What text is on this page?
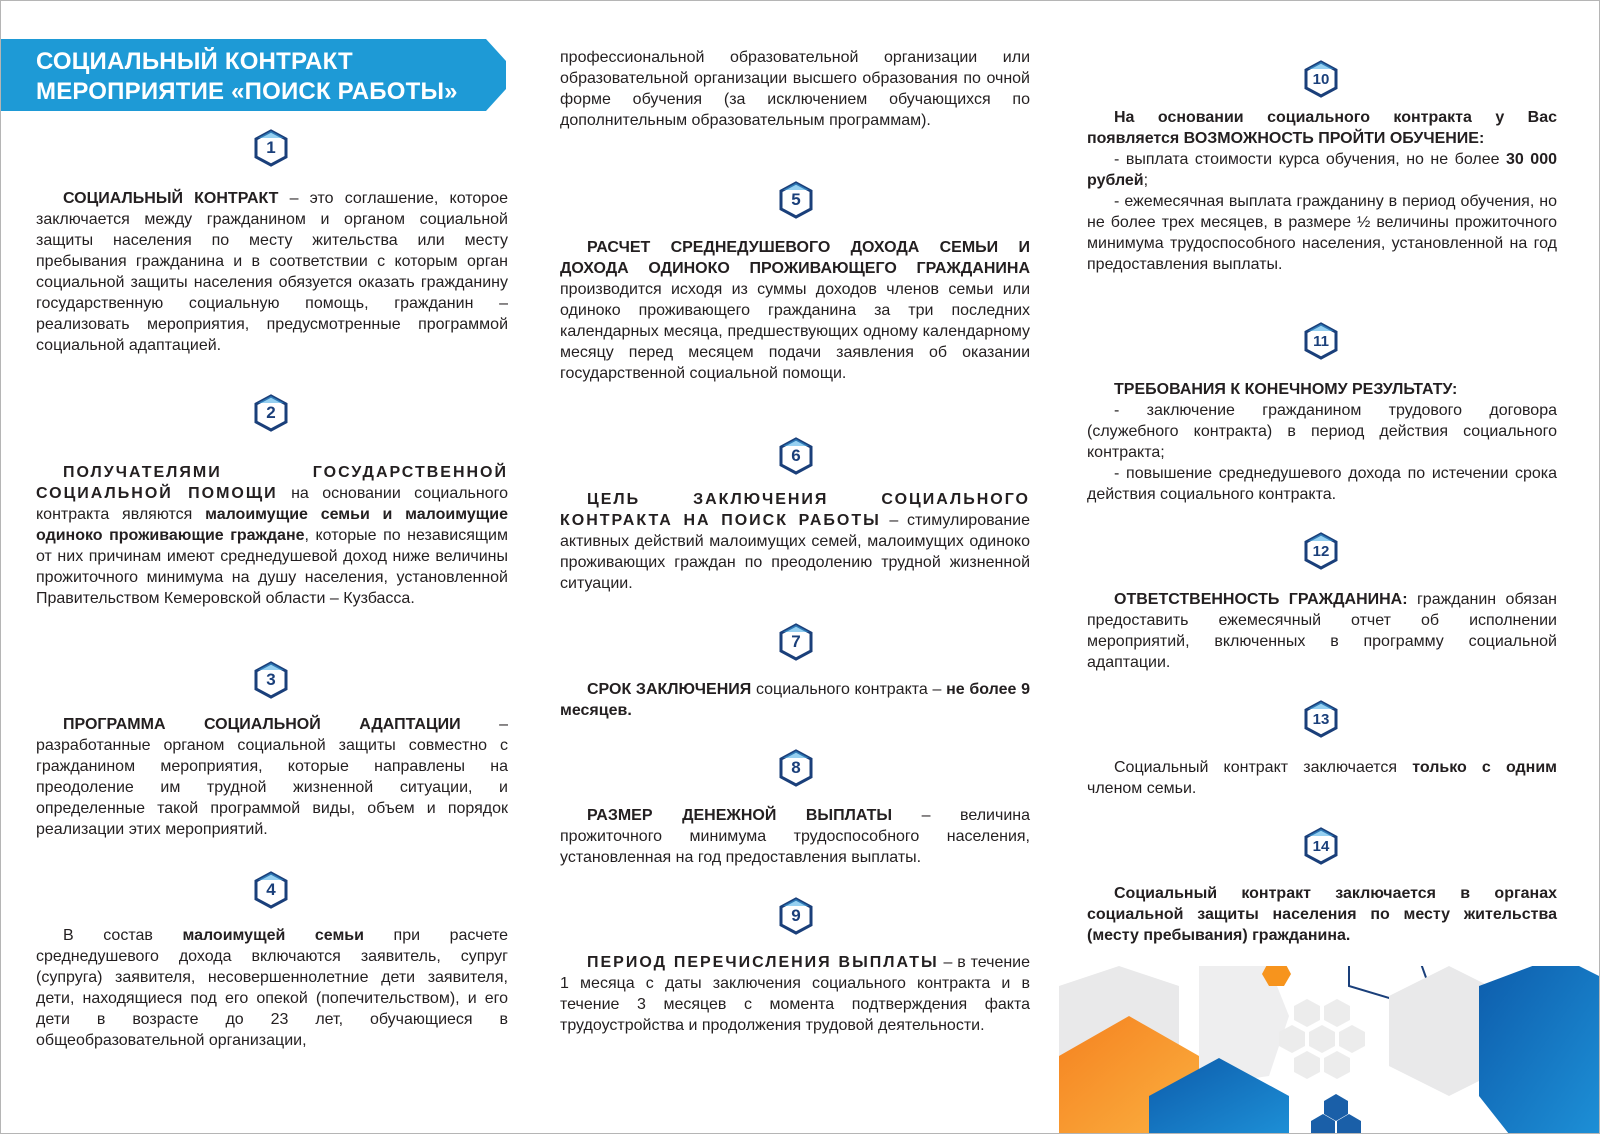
СОЦИАЛЬНЫЙ КОНТРАКТ
МЕРОПРИЯТИЕ «ПОИСК РАБОТЫ»
1
2
3
4
5
6
7
8
9
10
11
12
13
14

СОЦИАЛЬНЫЙ КОНТРАКТ – это соглашение, которое заключается между гражданином и органом социальной защиты населения по месту жительства или месту пребывания гражданина и в соответствии с которым орган социальной защиты населения обязуется оказать гражданину государственную социальную помощь, гражданин – реализовать мероприятия, предусмотренные программой социальной адаптацией.

ПОЛУЧАТЕЛЯМИ ГОСУДАРСТВЕННОЙ СОЦИАЛЬНОЙ ПОМОЩИ на основании социального контракта являются малоимущие семьи и малоимущие одиноко проживающие граждане, которые по независящим от них причинам имеют среднедушевой доход ниже величины прожиточного минимума на душу населения, установленной Правительством Кемеровской области – Кузбасса.

ПРОГРАММА СОЦИАЛЬНОЙ АДАПТАЦИИ – разработанные органом социальной защиты совместно с гражданином мероприятия, которые направлены на преодоление им трудной жизненной ситуации, и определенные такой программой виды, объем и порядок реализации этих мероприятий.

В состав малоимущей семьи при расчете среднедушевого дохода включаются заявитель, супруг (супруга) заявителя, несовершеннолетние дети заявителя, дети, находящиеся под его опекой (попечительством), и его дети в возрасте до 23 лет, обучающиеся в общеобразовательной организации,

профессиональной образовательной организации или образовательной организации высшего образования по очной форме обучения (за исключением обучающихся по дополнительным образовательным программам).

РАСЧЕТ СРЕДНЕДУШЕВОГО ДОХОДА СЕМЬИ И ДОХОДА ОДИНОКО ПРОЖИВАЮЩЕГО ГРАЖДАНИНА производится исходя из суммы доходов членов семьи или одиноко проживающего гражданина за три последних календарных месяца, предшествующих одному календарному месяцу перед месяцем подачи заявления об оказании государственной социальной помощи.

ЦЕЛЬ ЗАКЛЮЧЕНИЯ СОЦИАЛЬНОГО КОНТРАКТА НА ПОИСК РАБОТЫ – стимулирование активных действий малоимущих семей, малоимущих одиноко проживающих граждан по преодолению трудной жизненной ситуации.

СРОК ЗАКЛЮЧЕНИЯ социального контракта – не более 9 месяцев.

РАЗМЕР ДЕНЕЖНОЙ ВЫПЛАТЫ – величина прожиточного минимума трудоспособного населения, установленная на год предоставления выплаты.

ПЕРИОД ПЕРЕЧИСЛЕНИЯ ВЫПЛАТЫ – в течение 1 месяца с даты заключения социального контракта и в течение 3 месяцев с момента подтверждения факта трудоустройства и продолжения трудовой деятельности.

На основании социального контракта у Вас появляется ВОЗМОЖНОСТЬ ПРОЙТИ ОБУЧЕНИЕ:

- выплата стоимости курса обучения, но не более 30 000 рублей;

- ежемесячная выплата гражданину в период обучения, но не более трех месяцев, в размере ½ величины прожиточного минимума трудоспособного населения, установленной на год предоставления выплаты.

ТРЕБОВАНИЯ К КОНЕЧНОМУ РЕЗУЛЬТАТУ:

- заключение гражданином трудового договора (служебного контракта) в период действия социального контракта;

- повышение среднедушевого дохода по истечении срока действия социального контракта.

ОТВЕТСТВЕННОСТЬ ГРАЖДАНИНА: гражданин обязан предоставить ежемесячный отчет об исполнении мероприятий, включенных в программу социальной адаптации.

Социальный контракт заключается только с одним членом семьи.

Социальный контракт заключается в органах социальной защиты населения по месту жительства (месту пребывания) гражданина.
